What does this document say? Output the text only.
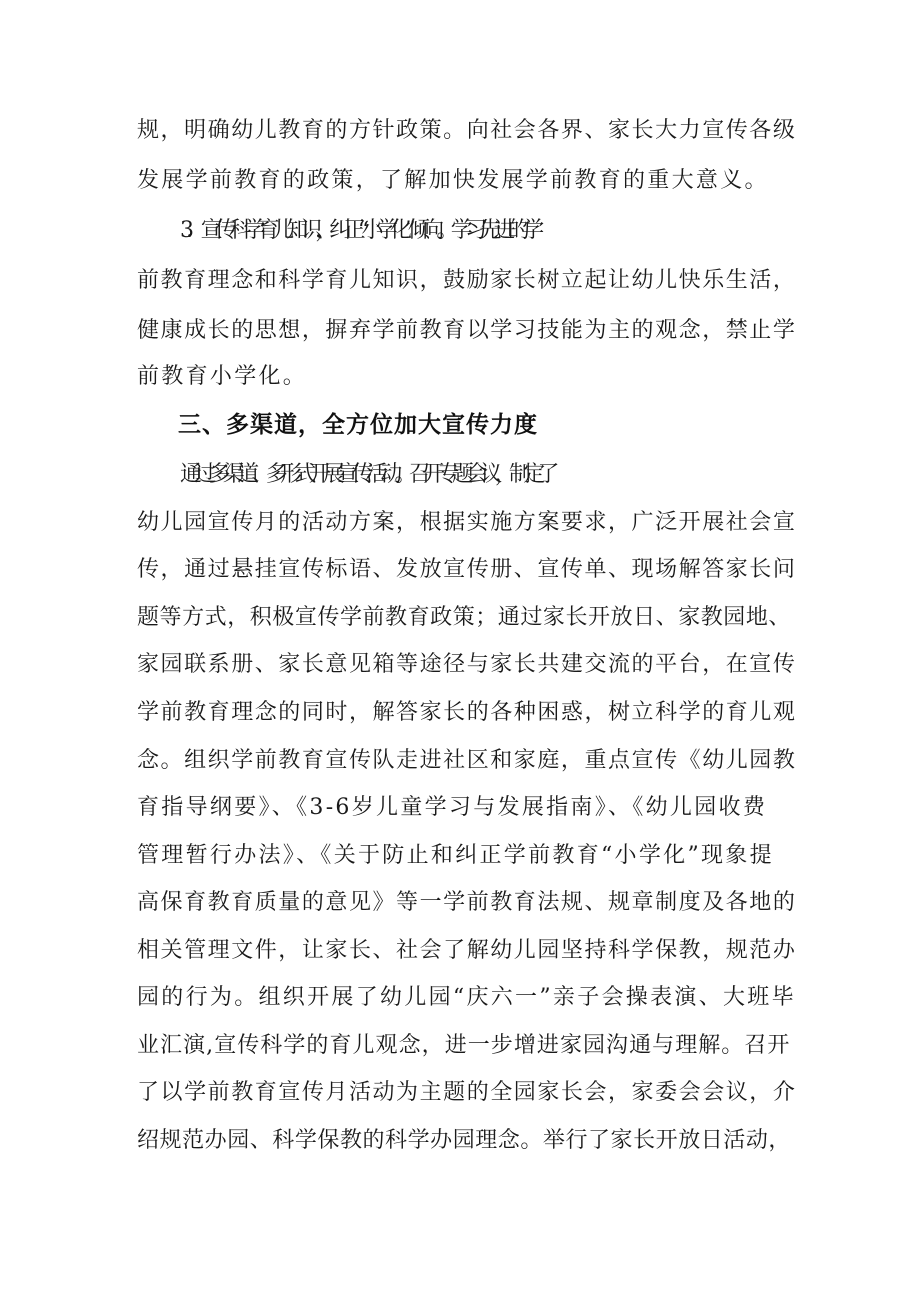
规，明确幼儿教育的方针政策。向社会各界、家长大力宣传各级
发展学前教育的政策，了解加快发展学前教育的重大意义。
3．宣传科学育儿知识，纠正“小学化”倾向。学习先进的学
前教育理念和科学育儿知识，鼓励家长树立起让幼儿快乐生活，
健康成长的思想，摒弃学前教育以学习技能为主的观念，禁止学
前教育小学化。
三、多渠道，全方位加大宣传力度
通过多渠道、多形式开展宣传活动。召开专题会议，制定了
幼儿园宣传月的活动方案，根据实施方案要求，广泛开展社会宣
传，通过悬挂宣传标语、发放宣传册、宣传单、现场解答家长问
题等方式，积极宣传学前教育政策；通过家长开放日、家教园地、
家园联系册、家长意见箱等途径与家长共建交流的平台，在宣传
学前教育理念的同时，解答家长的各种困惑，树立科学的育儿观
念。组织学前教育宣传队走进社区和家庭，重点宣传《幼儿园教
育指导纲要》、《3-6岁儿童学习与发展指南》、《幼儿园收费
管理暂行办法》、《关于防止和纠正学前教育“小学化”现象提
高保育教育质量的意见》等一学前教育法规、规章制度及各地的
相关管理文件，让家长、社会了解幼儿园坚持科学保教，规范办
园的行为。组织开展了幼儿园“庆六一”亲子会操表演、大班毕
业汇演,宣传科学的育儿观念，进一步增进家园沟通与理解。召开
了以学前教育宣传月活动为主题的全园家长会，家委会会议，介
绍规范办园、科学保教的科学办园理念。举行了家长开放日活动，
